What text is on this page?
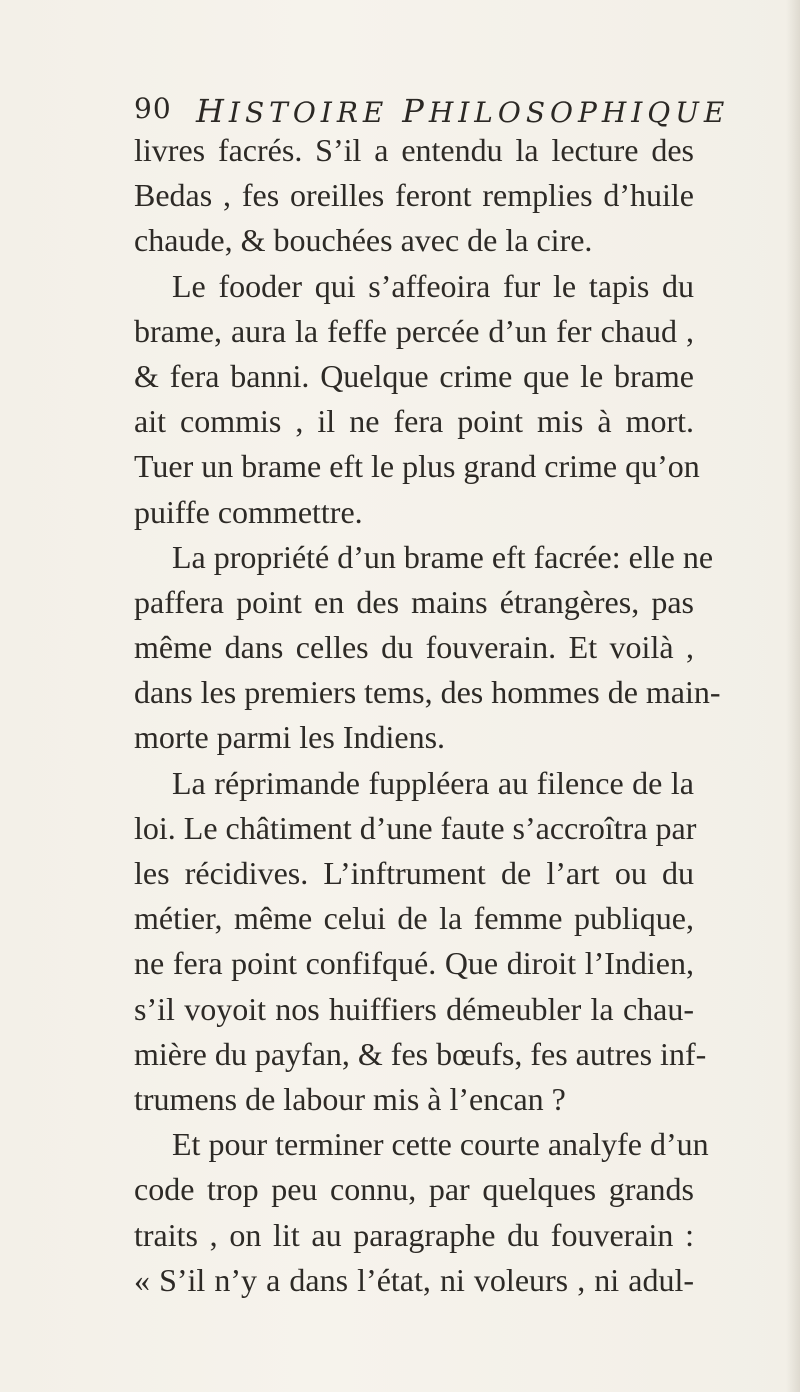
90 HISTOIRE PHILOSOPHIQUE
livres facrés. S’il a entendu la lecture des
Bedas , fes oreilles feront remplies d’huile
chaude, & bouchées avec de la cire.
Le fooder qui s’affeoira fur le tapis du
brame, aura la feffe percée d’un fer chaud ,
& fera banni. Quelque crime que le brame
ait commis , il ne fera point mis à mort.
Tuer un brame eft le plus grand crime qu’on
puiffe commettre.
La propriété d’un brame eft facrée: elle ne
paffera point en des mains étrangères, pas
même dans celles du fouverain. Et voilà ,
dans les premiers tems, des hommes de main-
morte parmi les Indiens.
La réprimande fuppléera au filence de la
loi. Le châtiment d’une faute s’accroîtra par
les récidives. L’inftrument de l’art ou du
métier, même celui de la femme publique,
ne fera point confifqué. Que diroit l’Indien,
s’il voyoit nos huiffiers démeubler la chau-
mière du payfan, & fes bœufs, fes autres inf-
trumens de labour mis à l’encan ?
Et pour terminer cette courte analyfe d’un
code trop peu connu, par quelques grands
traits , on lit au paragraphe du fouverain :
« S’il n’y a dans l’état, ni voleurs , ni adul-
